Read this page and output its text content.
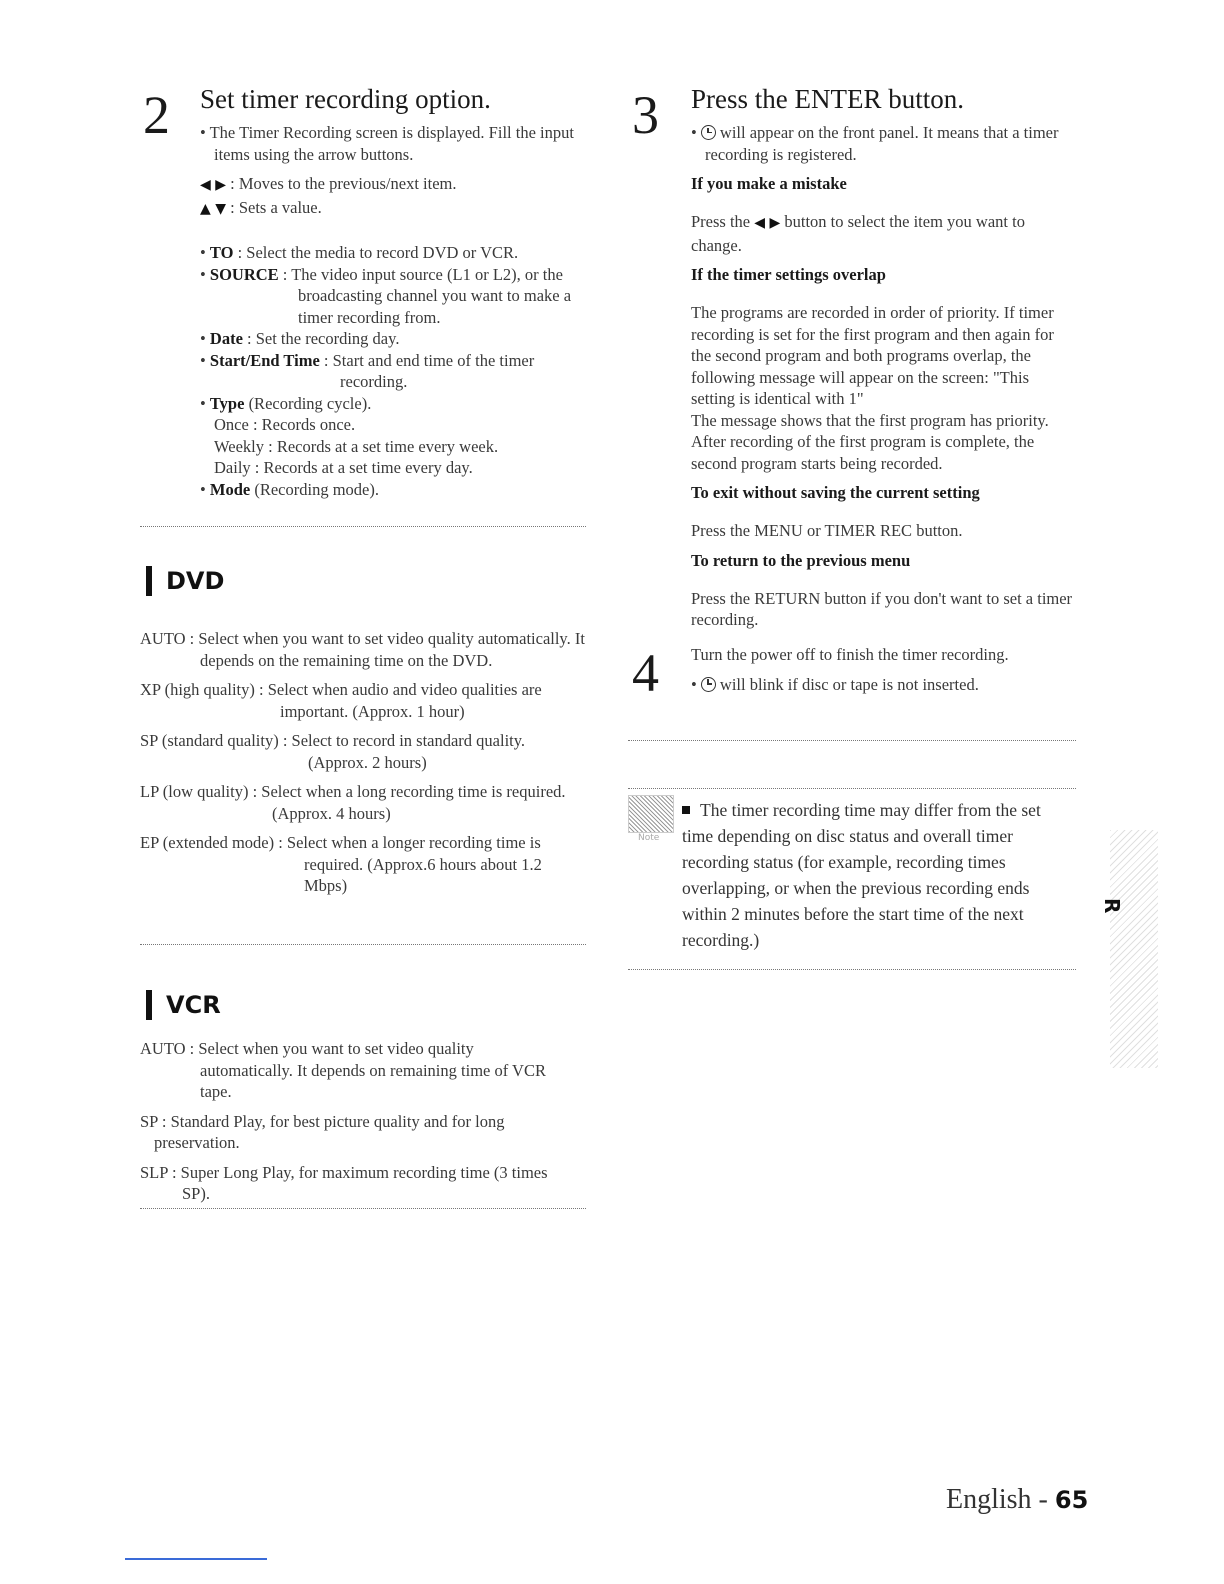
2 Set timer recording option.

• The Timer Recording screen is displayed. Fill the input items using the arrow buttons.

◀ ▶ : Moves to the previous/next item.

▲ ▼ : Sets a value.

• TO : Select the media to record DVD or VCR.

• SOURCE : The video input source (L1 or L2), or the broadcasting channel you want to make a timer recording from.

• Date : Set the recording day.

• Start/End Time : Start and end time of the timer recording.

• Type (Recording cycle).

Once : Records once.

Weekly : Records at a set time every week.

Daily : Records at a set time every day.

• Mode (Recording mode).

DVD

AUTO : Select when you want to set video quality automatically. It depends on the remaining time on the DVD.

XP (high quality) : Select when audio and video qualities are important. (Approx. 1 hour)

SP (standard quality) : Select to record in standard quality. (Approx. 2 hours)

LP (low quality) : Select when a long recording time is required.(Approx. 4 hours)

EP (extended mode) : Select when a longer recording time is required. (Approx.6 hours about 1.2 Mbps)

VCR

AUTO : Select when you want to set video quality automatically. It depends on remaining time of VCR tape.

SP : Standard Play, for best picture quality and for long preservation.

SLP : Super Long Play, for maximum recording time (3 times SP).

3 Press the ENTER button.

• will appear on the front panel. It means that a timer recording is registered.

If you make a mistake

Press the ◀ ▶ button to select the item you want to change.

If the timer settings overlap

The programs are recorded in order of priority. If timer recording is set for the first program and then again for the second program and both programs overlap, the following message will appear on the screen: "This setting is identical with 1"

The message shows that the first program has priority. After recording of the first program is complete, the second program starts being recorded.

To exit without saving the current setting

Press the MENU or TIMER REC button.

To return to the previous menu

Press the RETURN button if you don't want to set a timer recording.

4 Turn the power off to finish the timer recording.

• will blink if disc or tape is not inserted.

Note
The timer recording time may differ from the set time depending on disc status and overall timer recording status (for example, recording times overlapping, or when the previous recording ends within 2 minutes before the start time of the next recording.)
R
English - 65
